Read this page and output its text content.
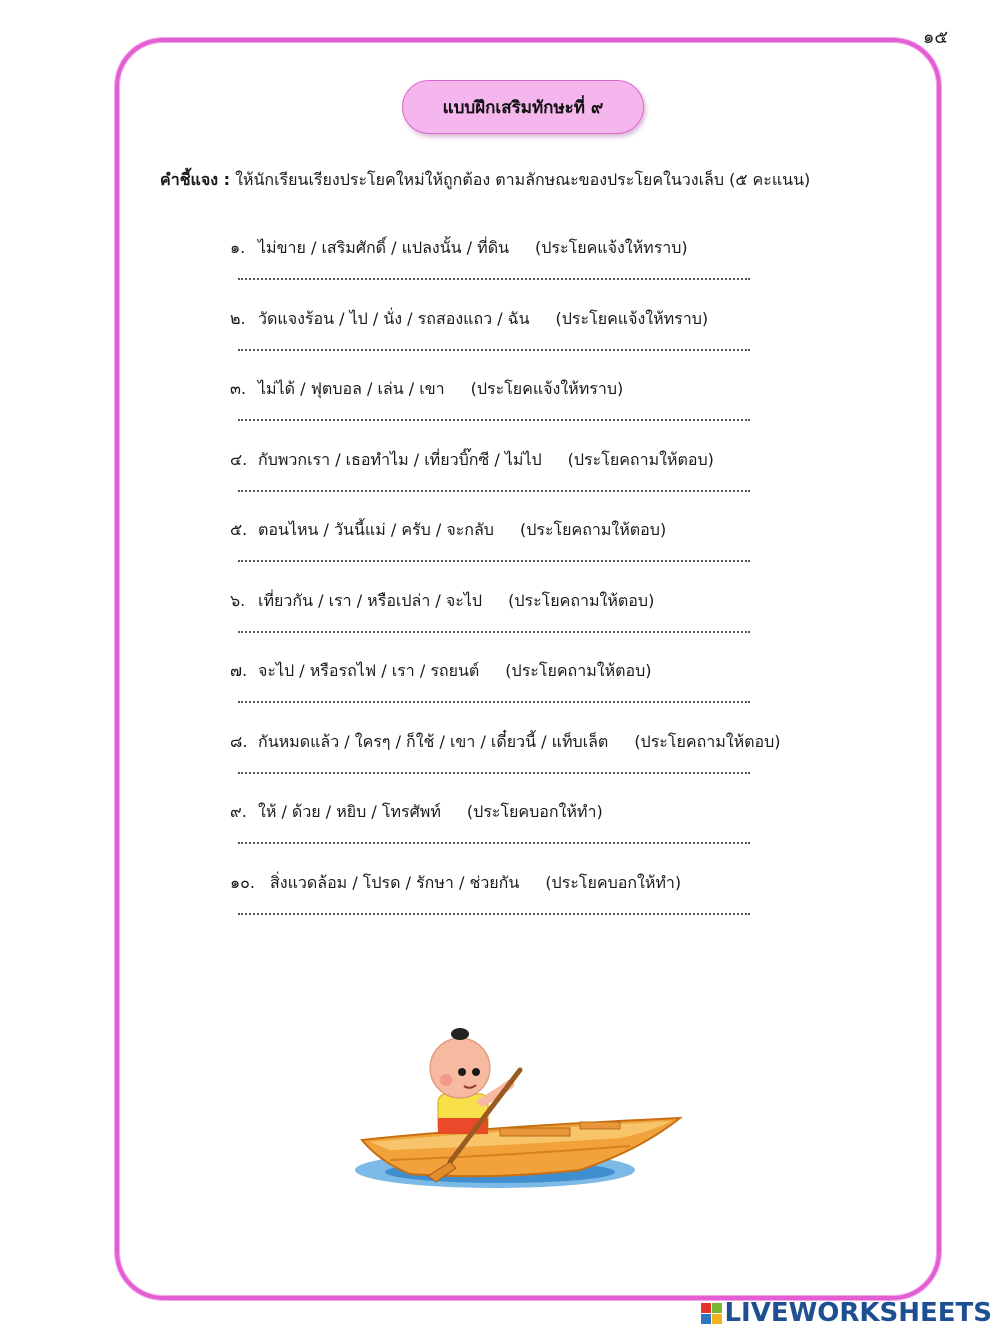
๑๕
แบบฝึกเสริมทักษะที่ ๙
คำชี้แจง : ให้นักเรียนเรียงประโยคใหม่ให้ถูกต้อง ตามลักษณะของประโยคในวงเล็บ (๕ คะแนน)
๑. ไม่ขาย / เสริมศักดิ์ / แปลงนั้น / ที่ดิน (ประโยคแจ้งให้ทราบ)
๒. วัดแจงร้อน / ไป / นั่ง / รถสองแถว / ฉัน (ประโยคแจ้งให้ทราบ)
๓. ไม่ได้ / ฟุตบอล / เล่น / เขา (ประโยคแจ้งให้ทราบ)
๔. กับพวกเรา / เธอทำไม / เที่ยวบิ๊กซี / ไม่ไป (ประโยคถามให้ตอบ)
๕. ตอนไหน / วันนี้แม่ / ครับ / จะกลับ (ประโยคถามให้ตอบ)
๖. เที่ยวกัน / เรา / หรือเปล่า / จะไป (ประโยคถามให้ตอบ)
๗. จะไป / หรือรถไฟ / เรา / รถยนต์ (ประโยคถามให้ตอบ)
๘. กันหมดแล้ว / ใครๆ / ก็ใช้ / เขา / เดี๋ยวนี้ / แท็บเล็ต (ประโยคถามให้ตอบ)
๙. ให้ / ด้วย / หยิบ / โทรศัพท์ (ประโยคบอกให้ทำ)
๑๐. สิ่งแวดล้อม / โปรด / รักษา / ช่วยกัน (ประโยคบอกให้ทำ)
LIVEWORKSHEETS
